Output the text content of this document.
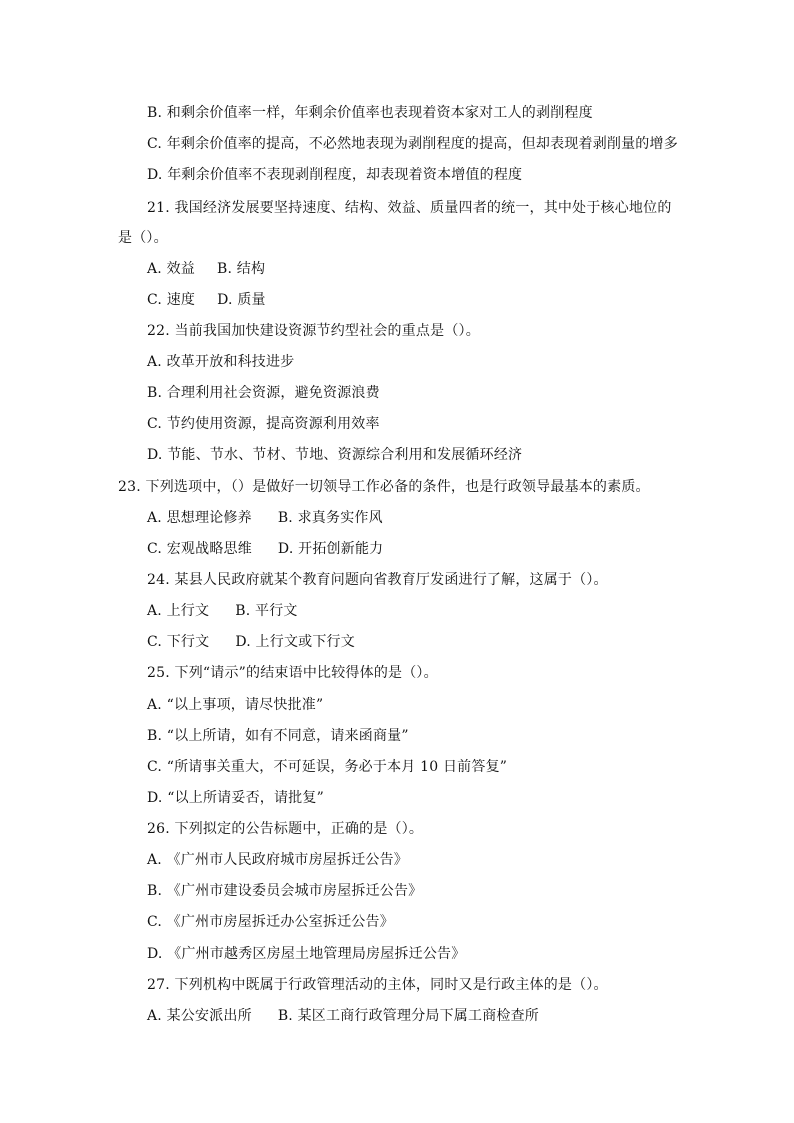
B. 和剩余价值率一样，年剩余价值率也表现着资本家对工人的剥削程度
C. 年剩余价值率的提高，不必然地表现为剥削程度的提高，但却表现着剥削量的增多
D. 年剩余价值率不表现剥削程度，却表现着资本增值的程度
21. 我国经济发展要坚持速度、结构、效益、质量四者的统一，其中处于核心地位的
是（）。
A. 效益 B. 结构
C. 速度 D. 质量
22. 当前我国加快建设资源节约型社会的重点是（）。
A. 改革开放和科技进步
B. 合理利用社会资源，避免资源浪费
C. 节约使用资源，提高资源利用效率
D. 节能、节水、节材、节地、资源综合利用和发展循环经济
23. 下列选项中，（）是做好一切领导工作必备的条件，也是行政领导最基本的素质。
A. 思想理论修养 B. 求真务实作风
C. 宏观战略思维 D. 开拓创新能力
24. 某县人民政府就某个教育问题向省教育厅发函进行了解，这属于（）。
A. 上行文 B. 平行文
C. 下行文 D. 上行文或下行文
25. 下列“请示”的结束语中比较得体的是（）。
A. “以上事项，请尽快批准”
B. “以上所请，如有不同意，请来函商量”
C. “所请事关重大，不可延误，务必于本月 10 日前答复”
D. “以上所请妥否，请批复”
26. 下列拟定的公告标题中，正确的是（）。
A. 《广州市人民政府城市房屋拆迁公告》
B. 《广州市建设委员会城市房屋拆迁公告》
C. 《广州市房屋拆迁办公室拆迁公告》
D. 《广州市越秀区房屋土地管理局房屋拆迁公告》
27. 下列机构中既属于行政管理活动的主体，同时又是行政主体的是（）。
A. 某公安派出所 B. 某区工商行政管理分局下属工商检查所
